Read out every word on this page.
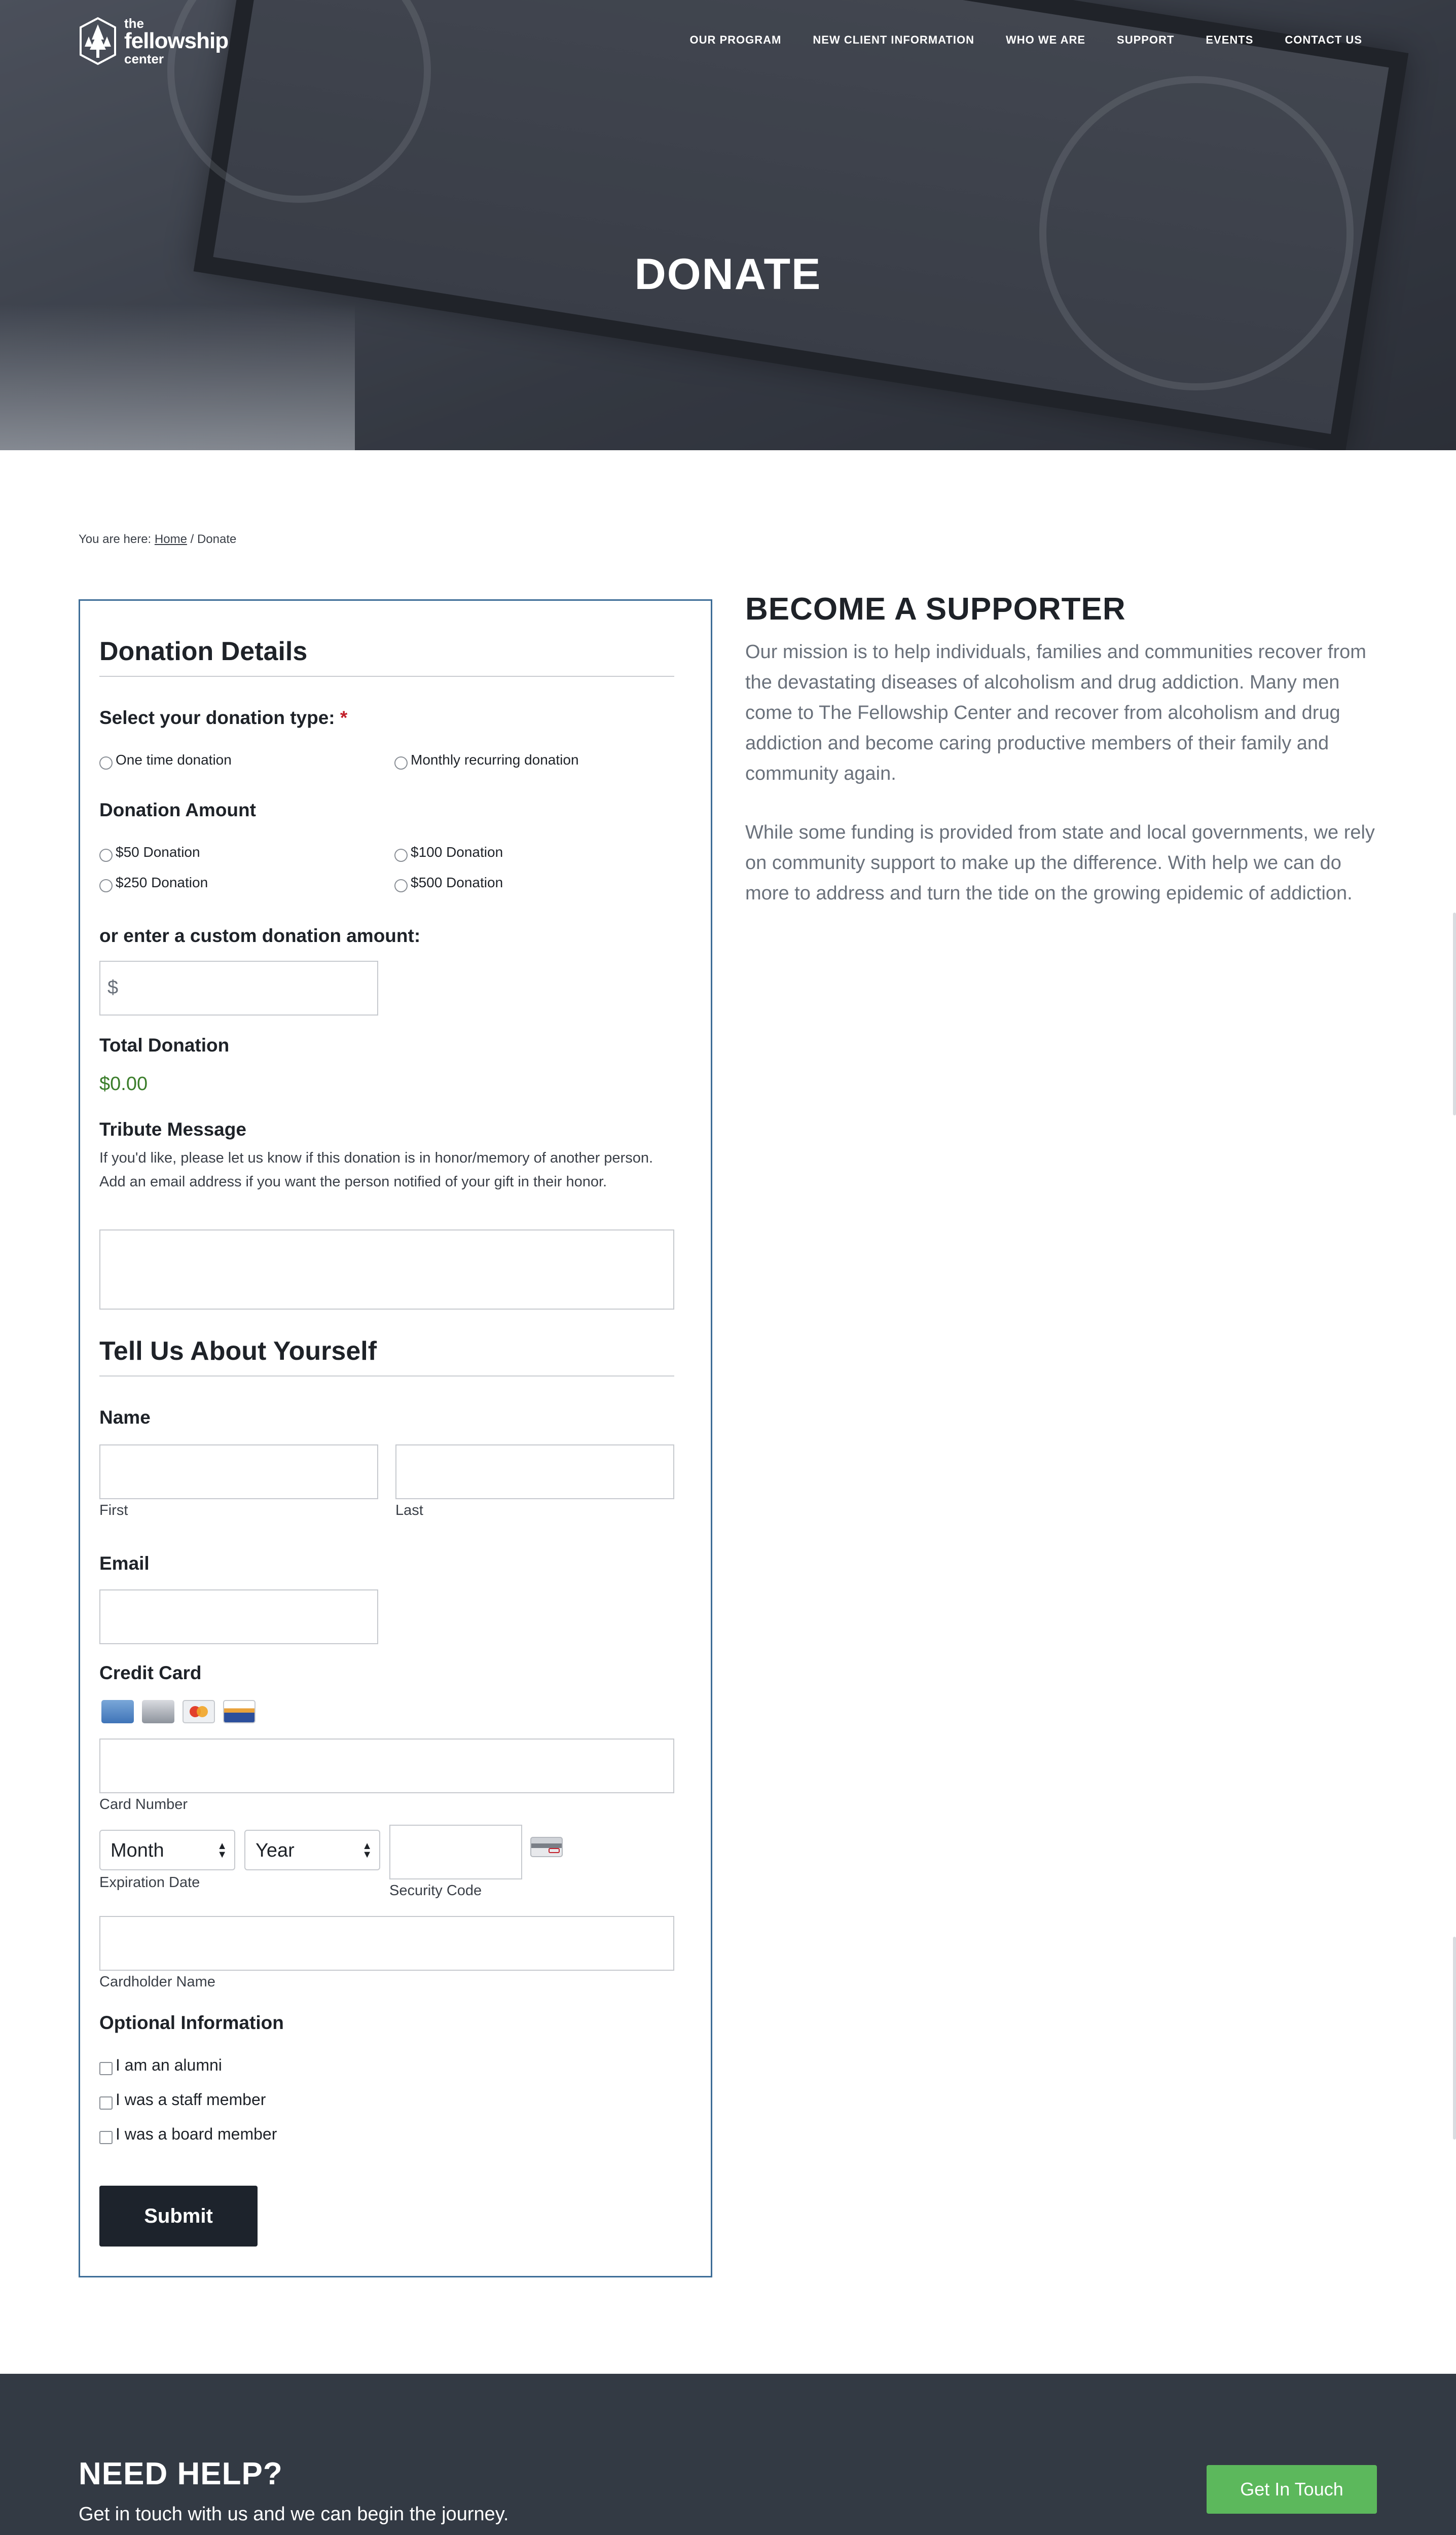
the
fellowship
center
OUR PROGRAM	NEW CLIENT INFORMATION	WHO WE ARE	SUPPORT	EVENTS	CONTACT US
DONATE
You are here: Home / Donate
Donation Details
Select your donation type: *
One time donation	Monthly recurring donation
Donation Amount
$50 Donation	$100 Donation
$250 Donation	$500 Donation
or enter a custom donation amount:
$
Total Donation
$0.00
Tribute Message
If you'd like, please let us know if this donation is in honor/memory of another person. Add an email address if you want the person notified of your gift in their honor.
Tell Us About Yourself
Name
First	Last
Email
Credit Card
Card Number
Month	▲
▼	Year	▲
▼
Expiration Date	Security Code
Cardholder Name
Optional Information
I am an alumni
I was a staff member
I was a board member
Submit
BECOME A SUPPORTER
Our mission is to help individuals, families and communities recover from the devastating diseases of alcoholism and drug addiction. Many men come to The Fellowship Center and recover from alcoholism and drug addiction and become caring productive members of their family and community again.
While some funding is provided from state and local governments, we rely on community support to make up the difference. With help we can do more to address and turn the tide on the growing epidemic of addiction.
NEED HELP?
Get in touch with us and we can begin the journey.
Get In Touch
